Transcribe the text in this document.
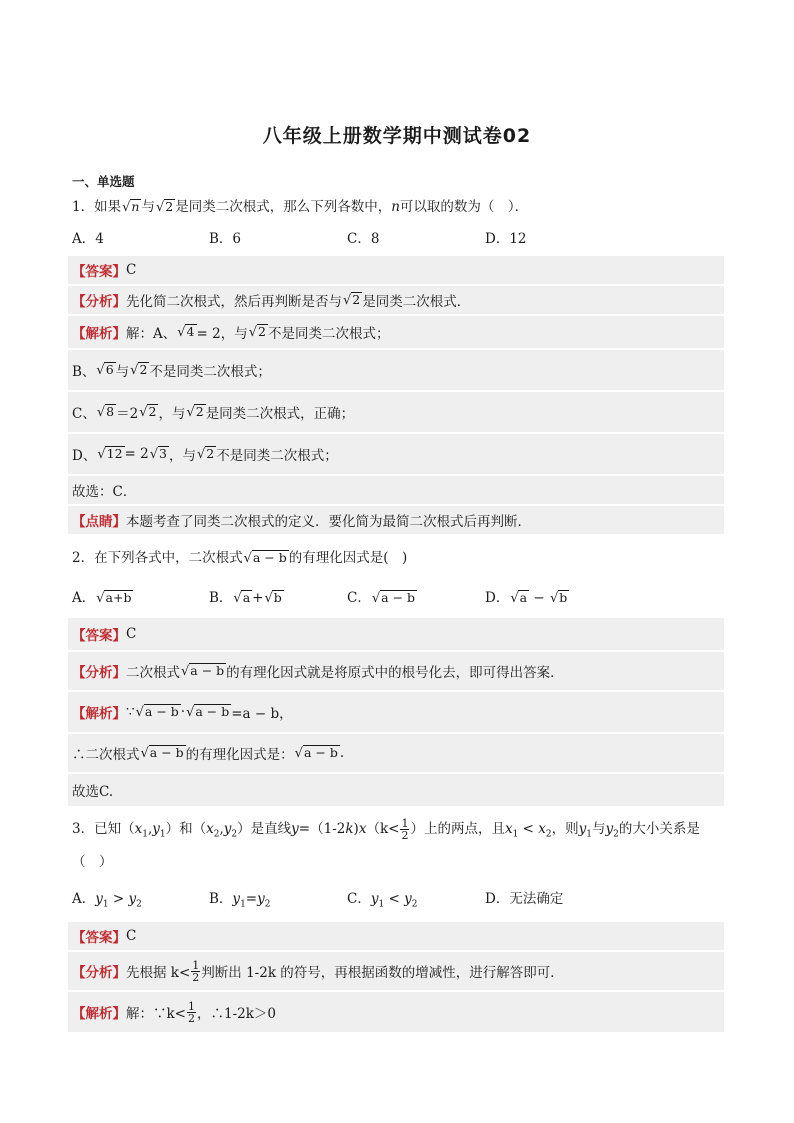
八年级上册数学期中测试卷02
一、单选题
1．如果 √ n 与 √ 2 是同类二次根式，那么下列各数中，n可以取的数为（　）．
A．4	B．6	C．8	D．12
【答案】 C
【分析】 先化简二次根式，然后再判断是否与 √ 2 是同类二次根式．
【解析】 解：A、 √ 4 = 2，与 √ 2 不是同类二次根式；
B、 √ 6 与 √ 2 不是同类二次根式；
C、 √ 8 ＝2 √ 2 ，与 √ 2 是同类二次根式，正确；
D、 √ 12 = 2 √ 3 ，与 √ 2 不是同类二次根式；
故选：C．
【点睛】 本题考查了同类二次根式的定义．要化简为最简二次根式后再判断．
2．在下列各式中，二次根式 √ a − b 的有理化因式是(　)
A． √ a+b	B． √ a + √ b	C． √ a − b	D． √ a − √ b
【答案】 C
【分析】 二次根式 √ a − b 的有理化因式就是将原式中的根号化去，即可得出答案．
【解析】 ∵ √ a − b · √ a − b =a − b，
∴二次根式 √ a − b 的有理化因式是： √ a − b .
故选C.
3．已知$(x_1,y_1)$和$(x_2,y_2)$是直线$y=(1-2k)x(k< \frac{1}{2}$ ）上的两点，且$x_1 < x_2$，则$y_1$与$y_2$的大小关系是
（　）
A．$y_1 > y_2$	B．$y_1=y_2$	C．$y_1 < y_2$	D．无法确定
【答案】 C
【分析】 先根据 $k< \frac{1}{2}$ 判断出 1-2k 的符号，再根据函数的增减性，进行解答即可．
【解析】 解：∵k< $\frac{1}{2}$ ，∴1-2k＞0
